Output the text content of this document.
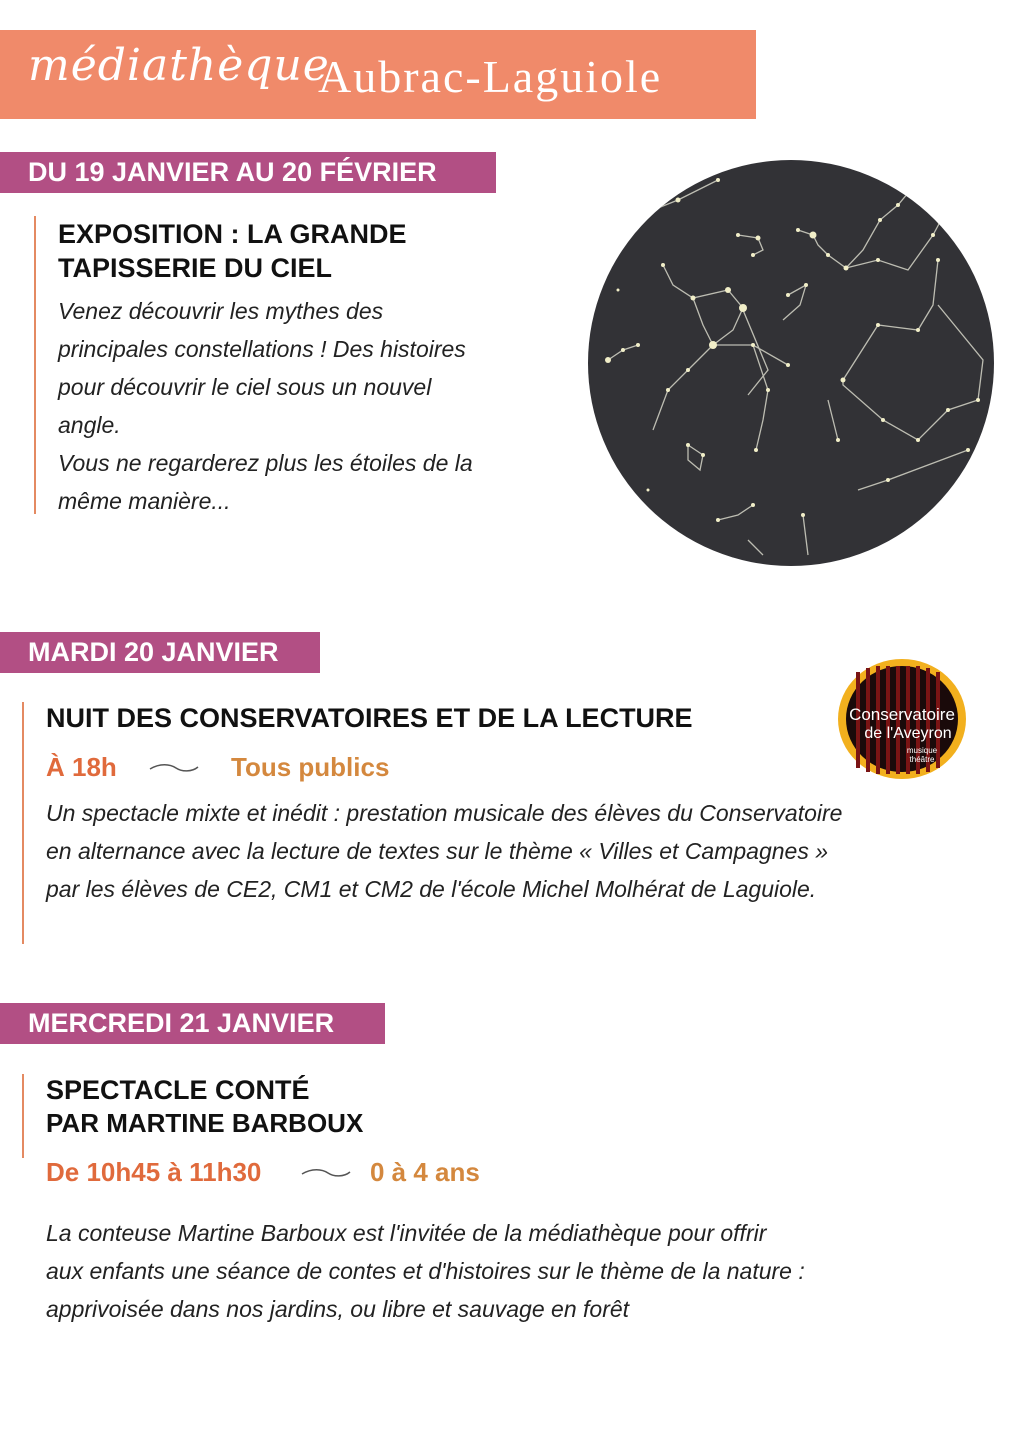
médiathèque
Aubrac-Laguiole
DU 19 JANVIER AU 20 FÉVRIER
EXPOSITION : LA GRANDE
TAPISSERIE DU CIEL
Venez découvrir les mythes des
principales constellations ! Des histoires
pour découvrir le ciel sous un nouvel
angle.
Vous ne regarderez plus les étoiles de la
même manière...
MARDI 20 JANVIER
NUIT DES CONSERVATOIRES ET DE LA LECTURE
À 18h	Tous publics
Un spectacle mixte et inédit : prestation musicale des élèves du Conservatoire
en alternance avec la lecture de textes sur le thème « Villes et Campagnes »
par les élèves de CE2, CM1 et CM2 de l'école Michel Molhérat de Laguiole.
Conservatoire
de l'Aveyron
musique
théâtre
MERCREDI 21 JANVIER
SPECTACLE CONTÉ
PAR MARTINE BARBOUX
De 10h45 à 11h30	0 à 4 ans
La conteuse Martine Barboux est l'invitée de la médiathèque pour offrir
aux enfants une séance de contes et d'histoires sur le thème de la nature :
apprivoisée dans nos jardins, ou libre et sauvage en forêt
